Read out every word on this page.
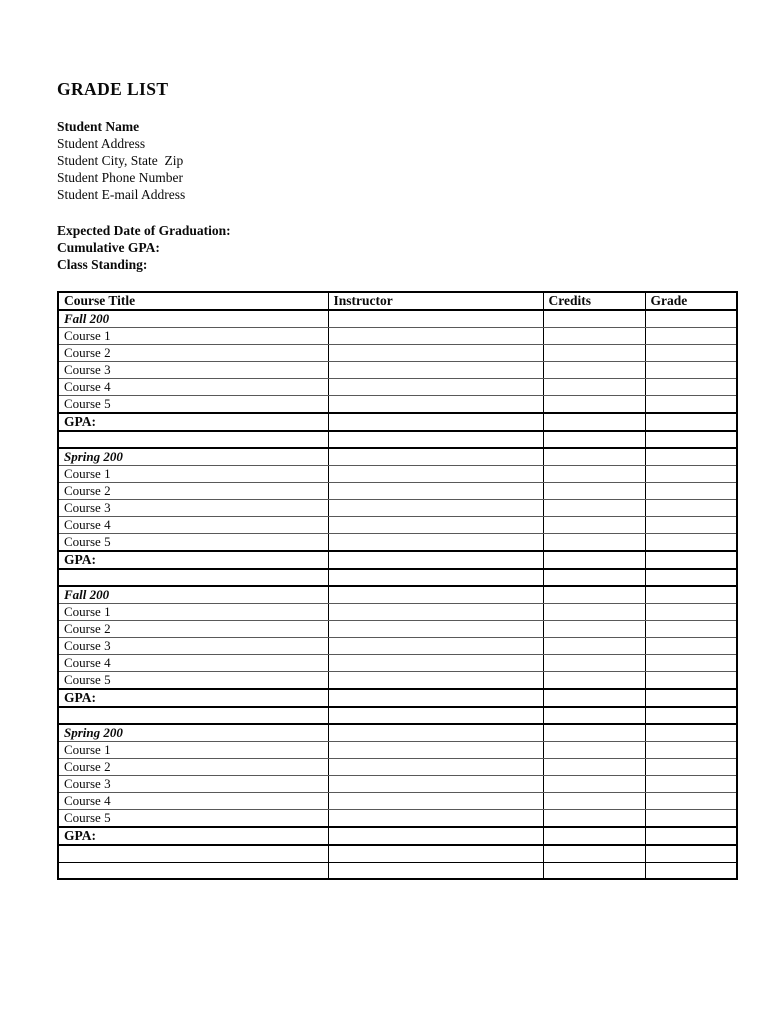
GRADE LIST

Student Name

Student Address

Student City, State  Zip

Student Phone Number

Student E-mail Address

Expected Date of Graduation:

Cumulative GPA:

Class Standing:

Course Title	Instructor	Credits	Grade
Fall 200			
Course 1			
Course 2			
Course 3			
Course 4			
Course 5			
GPA:			

Spring 200			
Course 1			
Course 2			
Course 3			
Course 4			
Course 5			
GPA:			

Fall 200			
Course 1			
Course 2			
Course 3			
Course 4			
Course 5			
GPA:			

Spring 200			
Course 1			
Course 2			
Course 3			
Course 4			
Course 5			
GPA:			
